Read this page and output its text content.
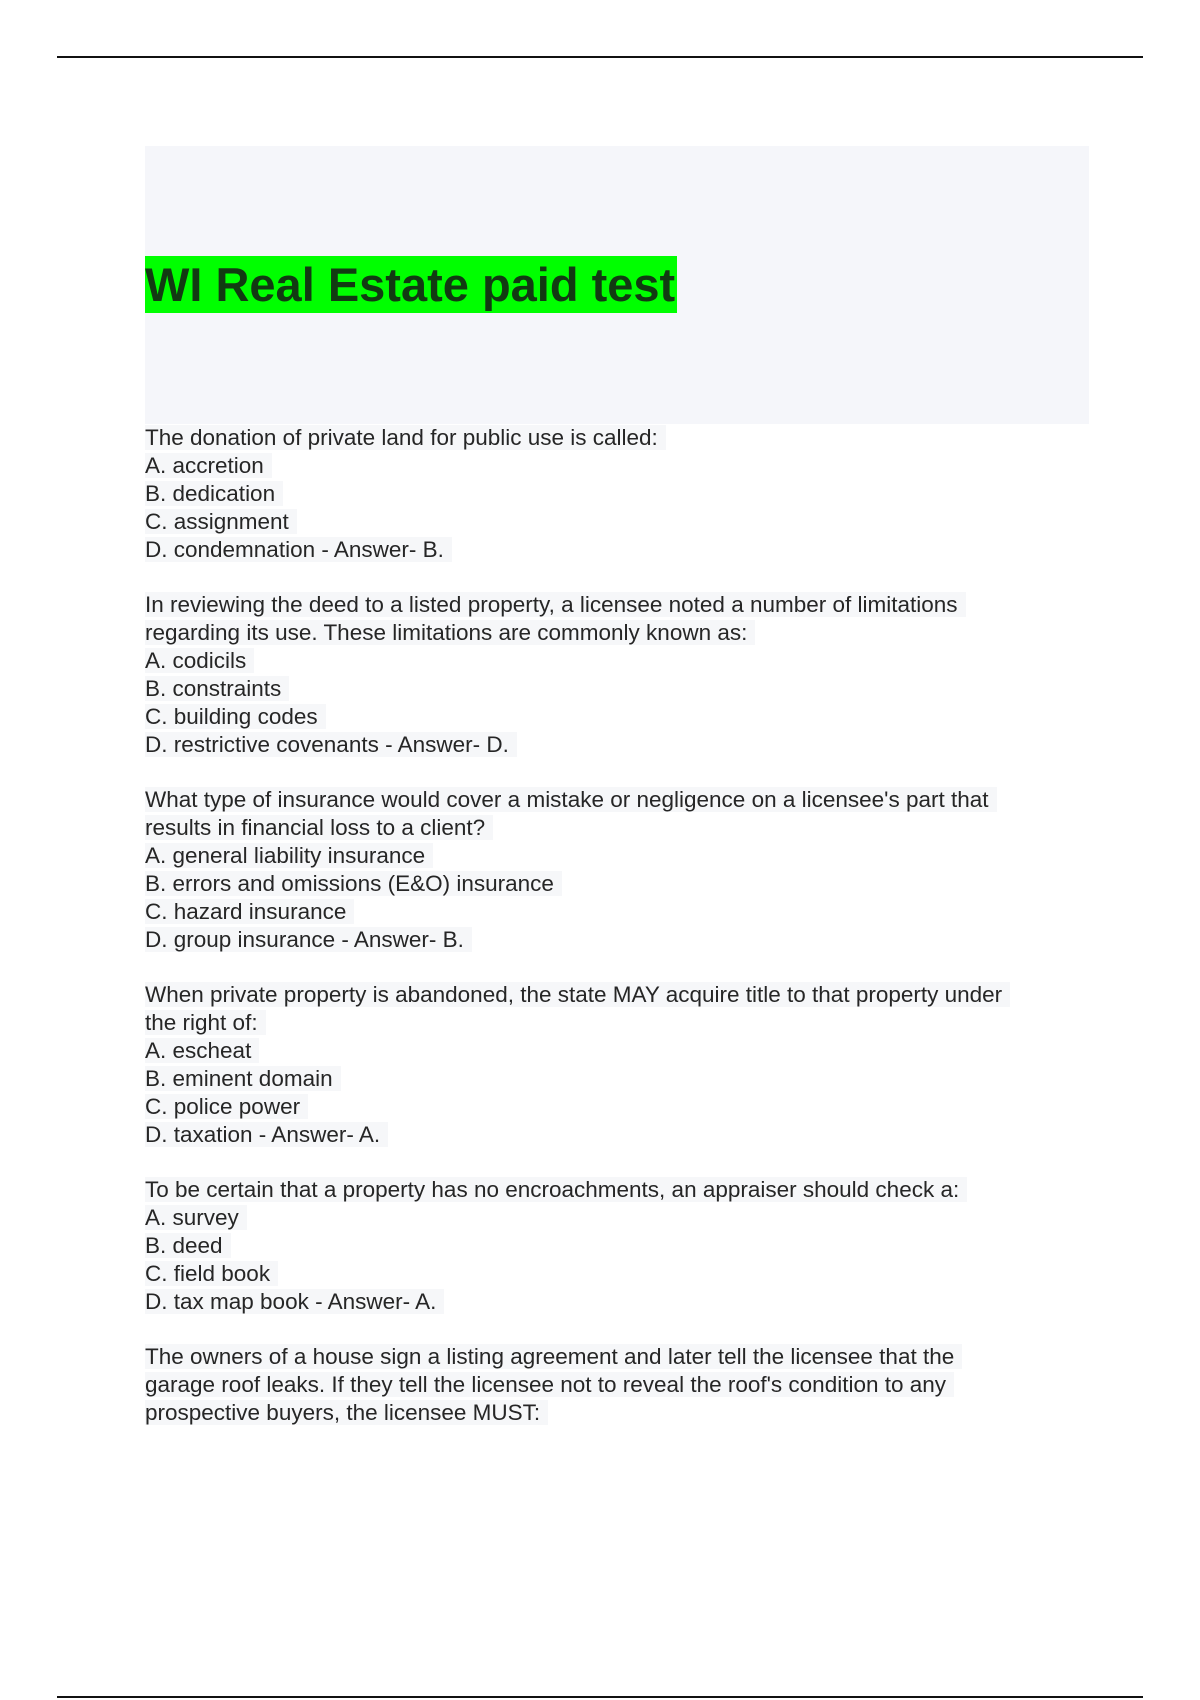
WI Real Estate paid test
The donation of private land for public use is called:
A. accretion
B. dedication
C. assignment
D. condemnation - Answer- B.
In reviewing the deed to a listed property, a licensee noted a number of limitations
regarding its use. These limitations are commonly known as:
A. codicils
B. constraints
C. building codes
D. restrictive covenants - Answer- D.
What type of insurance would cover a mistake or negligence on a licensee's part that
results in financial loss to a client?
A. general liability insurance
B. errors and omissions (E&O) insurance
C. hazard insurance
D. group insurance - Answer- B.
When private property is abandoned, the state MAY acquire title to that property under
the right of:
A. escheat
B. eminent domain
C. police power
D. taxation - Answer- A.
To be certain that a property has no encroachments, an appraiser should check a:
A. survey
B. deed
C. field book
D. tax map book - Answer- A.
The owners of a house sign a listing agreement and later tell the licensee that the
garage roof leaks. If they tell the licensee not to reveal the roof's condition to any
prospective buyers, the licensee MUST:
